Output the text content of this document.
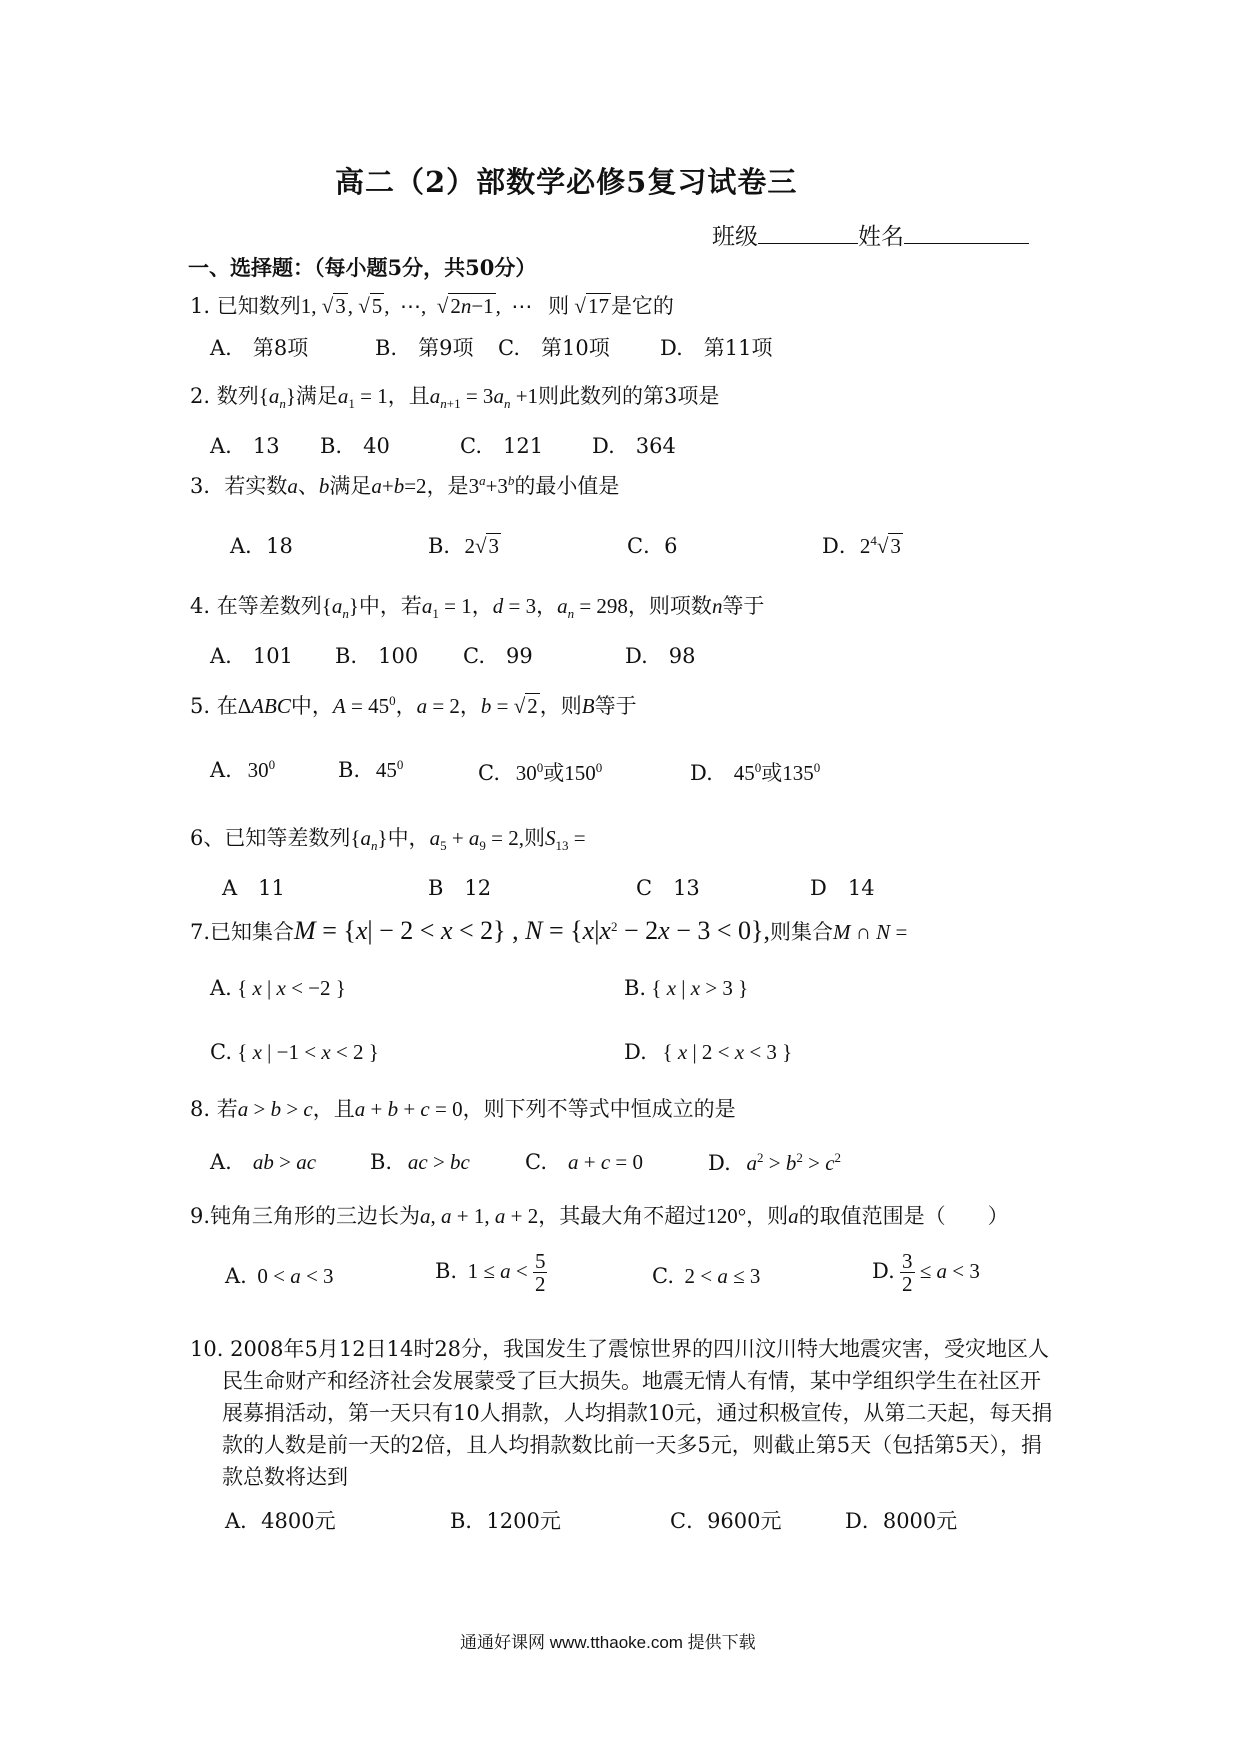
高二（2）部数学必修5复习试卷三
班级	姓名
一、选择题：（每小题5分，共50分）
1. 已知数列1, √3, √5,  ⋯,  √2n−1,  ⋯   则 √17是它的
A.　第8项	B.　第9项 C.　第10项 D.　第11项
2. 数列$\{a_n\}$满足$a_1 = 1$，且$a_{n+1} = 3a_n +1$则此数列的第3项是
A.　13 B.　40	C.　121 D.　364
3．若实数a、b满足a+b=2，是$3^a+3^b$的最小值是
A．18	B．2√3	C．6	D．$2^4√3$
4. 在等差数列$\{a_n\}$中，若$a_1 = 1$，d = 3，$a_n = 298$，则项数n等于
A.　101 B.　100 C.　99	D.　98
5. 在ΔABC中，$A = 45^0$，a = 2，b = √2，则B等于
A.   $30^0$	B.   $45^0$	C.   $30^0$或$150^0$	D.    $45^0$或$135^0$
6、已知等差数列$\{a_n\}$中，$a_5 + a_9 = 2$,则$S_{13}$ =
A　11	B　12	C　13	D　14
7.已知集合M = {x| − 2 < x < 2} , $N = \{x|x^2 - 2x - 3 < 0\}$,则集合M ∩ N =
A. { x | x < −2 }	B. { x | x > 3 }
C. { x | −1 < x < 2 }	D.   { x | 2 < x < 3 }
8. 若a > b > c，且a + b + c = 0，则下列不等式中恒成立的是
A. ab > ac	B. ac > bc	C. a + c = 0	D. $a^2 > b^2 > c^2$
9.钝角三角形的三边长为a, a + 1, a + 2，其最大角不超过120°，则a的取值范围是（　　）
A.  0 < a < 3	B.  $1 \le a < \frac{5}{2}$	C.  2 < a ≤ 3	D. $\frac{3}{2} \le a < 3$
10. 2008年5月12日14时28分，我国发生了震惊世界的四川汶川特大地震灾害，受灾地区人民生命财产和经济社会发展蒙受了巨大损失。地震无情人有情，某中学组织学生在社区开展募捐活动，第一天只有10人捐款，人均捐款10元，通过积极宣传，从第二天起，每天捐款的人数是前一天的2倍，且人均捐款数比前一天多5元，则截止第5天（包括第5天），捐款总数将达到
A．4800元	B．1200元	C．9600元	D．8000元
通通好课网 www.tthaoke.com 提供下载
